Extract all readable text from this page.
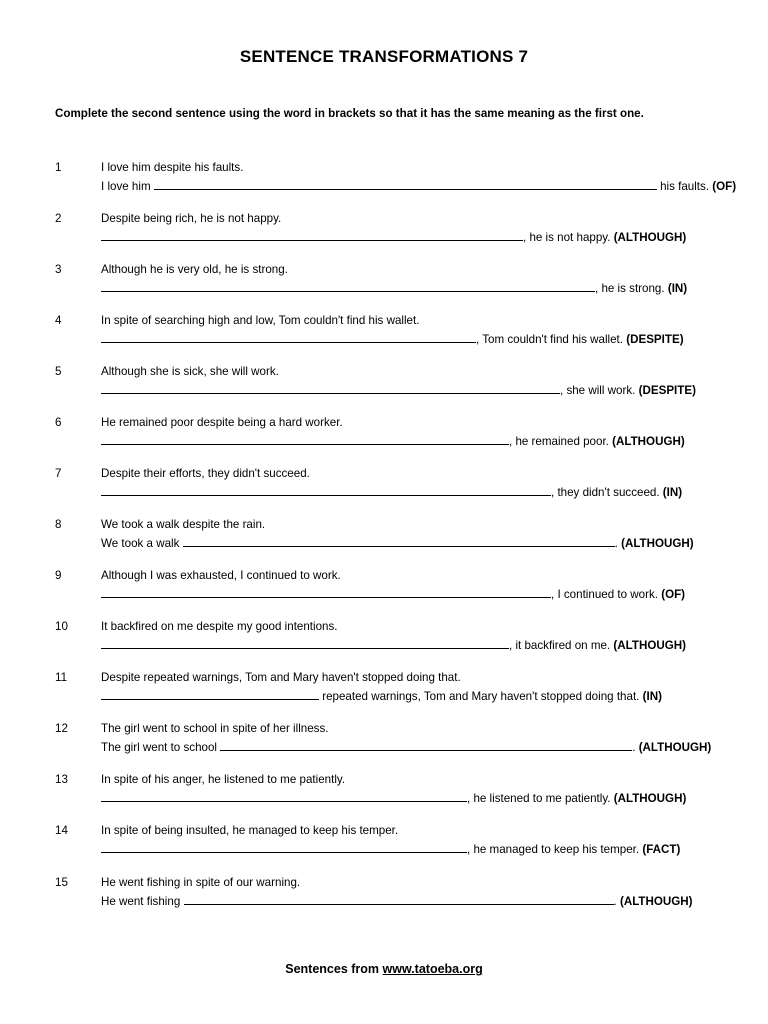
SENTENCE TRANSFORMATIONS 7
Complete the second sentence using the word in brackets so that it has the same meaning as the first one.
1	I love him despite his faults.
I love him	his faults. (OF)
2	Despite being rich, he is not happy.
, he is not happy. (ALTHOUGH)
3	Although he is very old, he is strong.
, he is strong. (IN)
4	In spite of searching high and low, Tom couldn't find his wallet.
, Tom couldn't find his wallet. (DESPITE)
5	Although she is sick, she will work.
, she will work. (DESPITE)
6	He remained poor despite being a hard worker.
, he remained poor. (ALTHOUGH)
7	Despite their efforts, they didn't succeed.
, they didn't succeed. (IN)
8	We took a walk despite the rain.
We took a walk	. (ALTHOUGH)
9	Although I was exhausted, I continued to work.
, I continued to work. (OF)
10	It backfired on me despite my good intentions.
, it backfired on me. (ALTHOUGH)
11	Despite repeated warnings, Tom and Mary haven't stopped doing that.
repeated warnings, Tom and Mary haven't stopped doing that. (IN)
12	The girl went to school in spite of her illness.
The girl went to school	. (ALTHOUGH)
13	In spite of his anger, he listened to me patiently.
, he listened to me patiently. (ALTHOUGH)
14	In spite of being insulted, he managed to keep his temper.
, he managed to keep his temper. (FACT)
15	He went fishing in spite of our warning.
He went fishing	. (ALTHOUGH)
Sentences from www.tatoeba.org
